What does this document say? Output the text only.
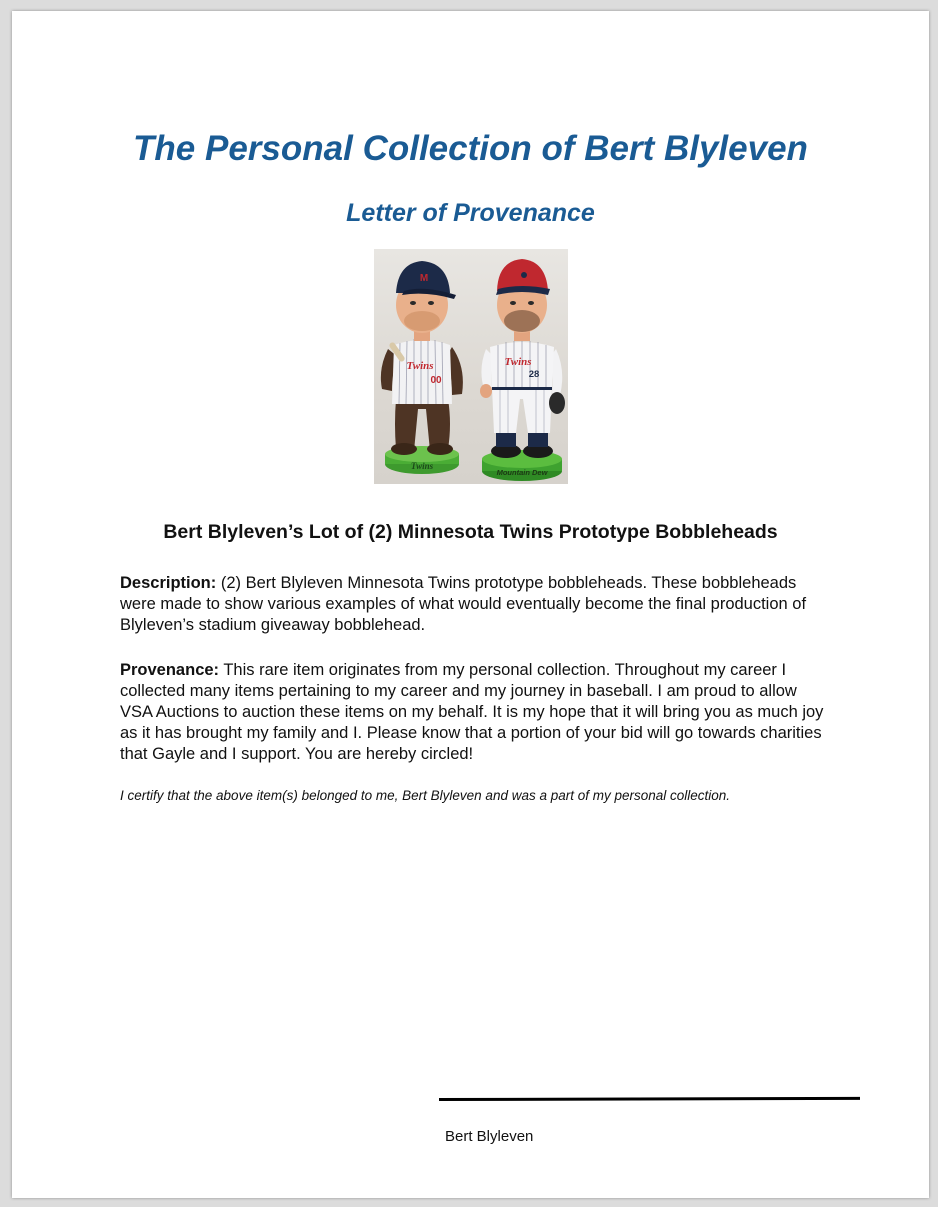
The Personal Collection of Bert Blyleven
Letter of Provenance
Twins
Twins
00
M
Mountain Dew
Twins
28
Bert Blyleven’s Lot of (2) Minnesota Twins Prototype Bobbleheads

Description: (2) Bert Blyleven Minnesota Twins prototype bobbleheads. These bobbleheads were made to show various examples of what would eventually become the final production of Blyleven’s stadium giveaway bobblehead.

Provenance: This rare item originates from my personal collection. Throughout my career I collected many items pertaining to my career and my journey in baseball. I am proud to allow VSA Auctions to auction these items on my behalf. It is my hope that it will bring you as much joy as it has brought my family and I. Please know that a portion of your bid will go towards charities that Gayle and I support. You are hereby circled!

I certify that the above item(s) belonged to me, Bert Blyleven and was a part of my personal collection.
Bert Blyleven
